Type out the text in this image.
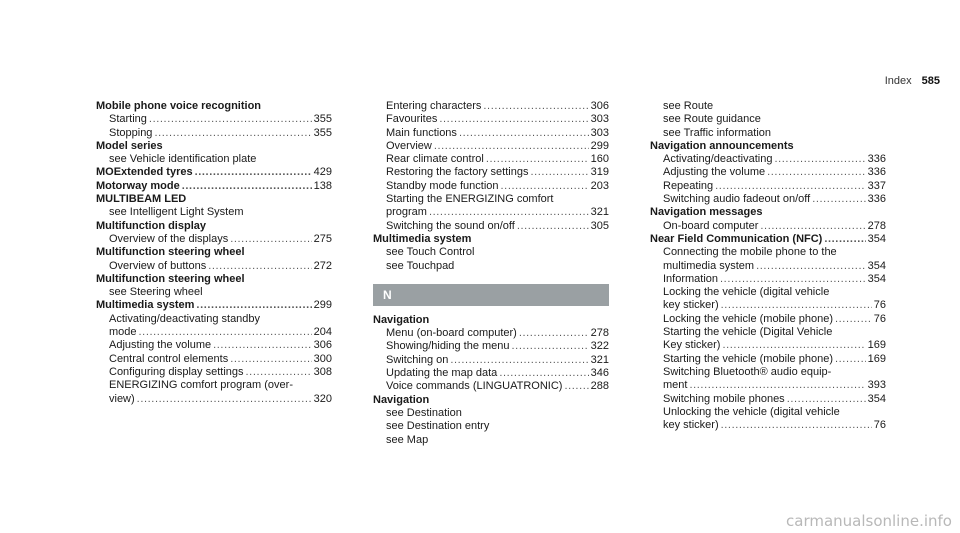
Index 585
Mobile phone voice recognition
Starting .....	355
Stopping .....	355
Model series
see Vehicle identification plate
MOExtended tyres .....	429
Motorway mode .....	138
MULTIBEAM LED
see Intelligent Light System
Multifunction display
Overview of the displays .....	275
Multifunction steering wheel
Overview of buttons .....	272
Multifunction steering wheel
see Steering wheel
Multimedia system .....	299
Activating/deactivating standby
mode .....	204
Adjusting the volume .....	306
Central control elements .....	300
Configuring display settings .....	308
ENERGIZING comfort program (over-
view) .....	320
Entering characters .....	306
Favourites .....	303
Main functions .....	303
Overview .....	299
Rear climate control .....	160
Restoring the factory settings .....	319
Standby mode function .....	203
Starting the ENERGIZING comfort
program .....	321
Switching the sound on/off .....	305
Multimedia system
see Touch Control
see Touchpad
N
Navigation
Menu (on-board computer) .....	278
Showing/hiding the menu .....	322
Switching on .....	321
Updating the map data .....	346
Voice commands (LINGUATRONIC) .....	288
Navigation
see Destination
see Destination entry
see Map
see Route
see Route guidance
see Traffic information
Navigation announcements
Activating/deactivating .....	336
Adjusting the volume .....	336
Repeating .....	337
Switching audio fadeout on/off .....	336
Navigation messages
On-board computer .....	278
Near Field Communication (NFC) .....	354
Connecting the mobile phone to the
multimedia system .....	354
Information .....	354
Locking the vehicle (digital vehicle
key sticker) .....	76
Locking the vehicle (mobile phone) .....	76
Starting the vehicle (Digital Vehicle
Key sticker) .....	169
Starting the vehicle (mobile phone) .....	169
Switching Bluetooth® audio equip-
ment .....	393
Switching mobile phones .....	354
Unlocking the vehicle (digital vehicle
key sticker) .....	76
carmanualsonline.info
